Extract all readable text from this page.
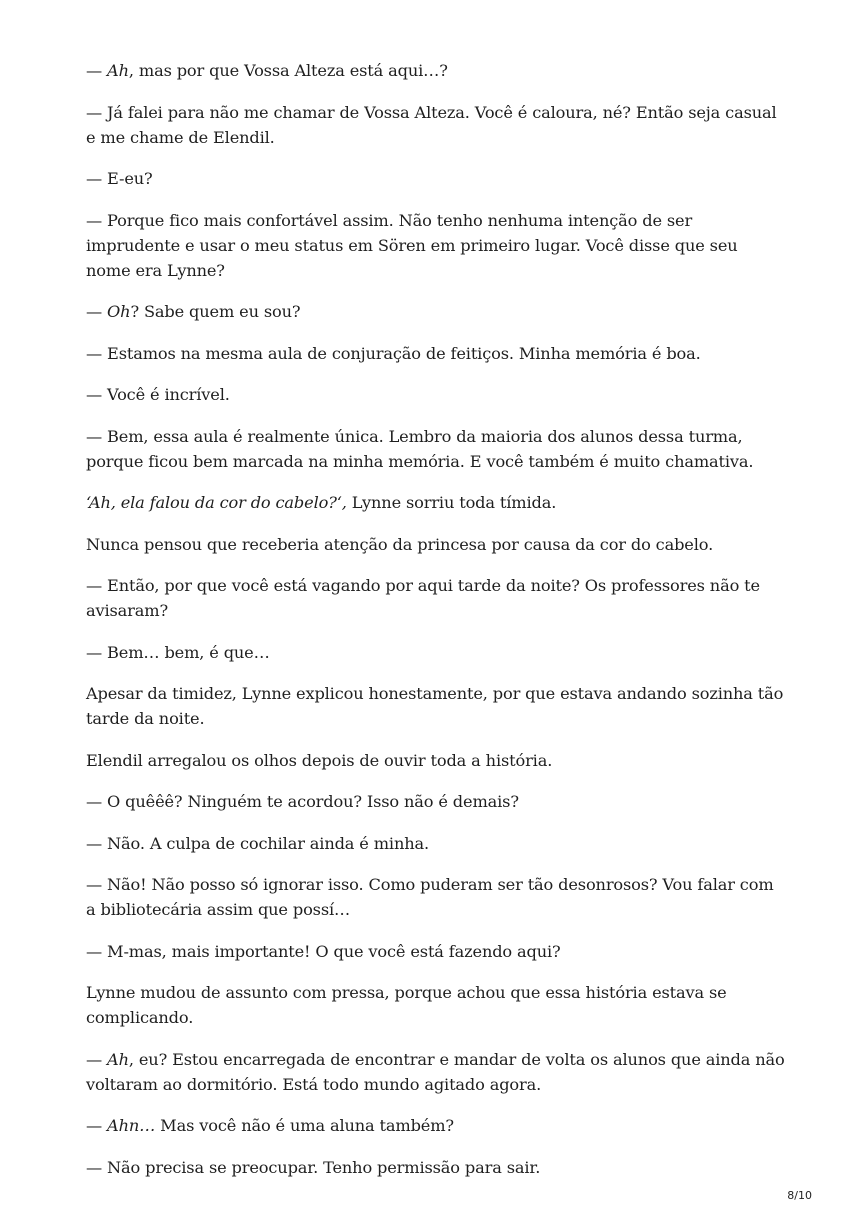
— Ah, mas por que Vossa Alteza está aqui…?

— Já falei para não me chamar de Vossa Alteza. Você é caloura, né? Então seja casual e me chame de Elendil.

— E-eu?

— Porque fico mais confortável assim. Não tenho nenhuma intenção de ser imprudente e usar o meu status em Sören em primeiro lugar. Você disse que seu nome era Lynne?

— Oh? Sabe quem eu sou?

— Estamos na mesma aula de conjuração de feitiços. Minha memória é boa.

— Você é incrível.

— Bem, essa aula é realmente única. Lembro da maioria dos alunos dessa turma, porque ficou bem marcada na minha memória. E você também é muito chamativa.

‘Ah, ela falou da cor do cabelo?‘, Lynne sorriu toda tímida.

Nunca pensou que receberia atenção da princesa por causa da cor do cabelo.

— Então, por que você está vagando por aqui tarde da noite? Os professores não te avisaram?

— Bem… bem, é que…

Apesar da timidez, Lynne explicou honestamente, por que estava andando sozinha tão tarde da noite.

Elendil arregalou os olhos depois de ouvir toda a história.

— O quêêê? Ninguém te acordou? Isso não é demais?

— Não. A culpa de cochilar ainda é minha.

— Não! Não posso só ignorar isso. Como puderam ser tão desonrosos? Vou falar com a bibliotecária assim que possí…

— M-mas, mais importante! O que você está fazendo aqui?

Lynne mudou de assunto com pressa, porque achou que essa história estava se complicando.

— Ah, eu? Estou encarregada de encontrar e mandar de volta os alunos que ainda não voltaram ao dormitório. Está todo mundo agitado agora.

— Ahn… Mas você não é uma aluna também?

— Não precisa se preocupar. Tenho permissão para sair.

8/10
